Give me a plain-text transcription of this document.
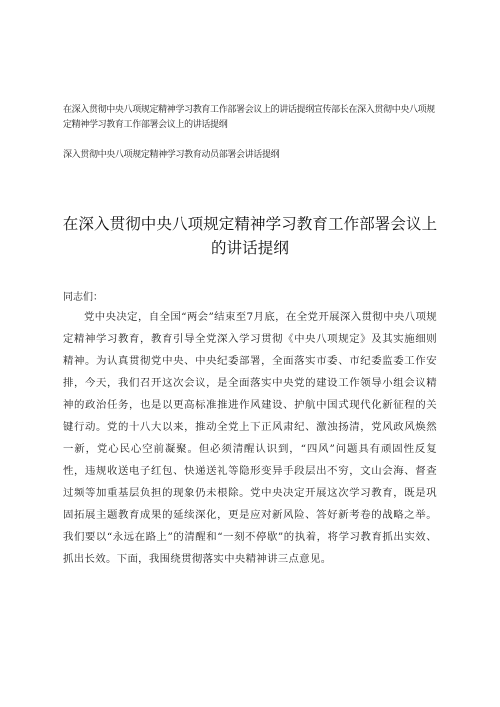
在深入贯彻中央八项规定精神学习教育工作部署会议上的讲话提纲宣传部长在深入贯彻中央八项规定精神学习教育工作部署会议上的讲话提纲
深入贯彻中央八项规定精神学习教育动员部署会讲话提纲
在深入贯彻中央八项规定精神学习教育工作部署会议上
的讲话提纲
同志们：
党中央决定，自全国“两会”结束至7月底，在全党开展深入贯彻中央八项规定精神学习教育，教育引导全党深入学习贯彻《中央八项规定》及其实施细则精神。为认真贯彻党中央、中央纪委部署，全面落实市委、市纪委监委工作安排，今天，我们召开这次会议，是全面落实中央党的建设工作领导小组会议精神的政治任务，也是以更高标准推进作风建设、护航中国式现代化新征程的关键行动。党的十八大以来，推动全党上下正风肃纪、激浊扬清，党风政风焕然一新，党心民心空前凝聚。但必须清醒认识到，“四风”问题具有顽固性反复性，违规收送电子红包、快递送礼等隐形变异手段层出不穷，文山会海、督查过频等加重基层负担的现象仍未根除。党中央决定开展这次学习教育，既是巩固拓展主题教育成果的延续深化，更是应对新风险、答好新考卷的战略之举。我们要以“永远在路上”的清醒和“一刻不停歇”的执着，将学习教育抓出实效、抓出长效。下面，我围绕贯彻落实中央精神讲三点意见。
